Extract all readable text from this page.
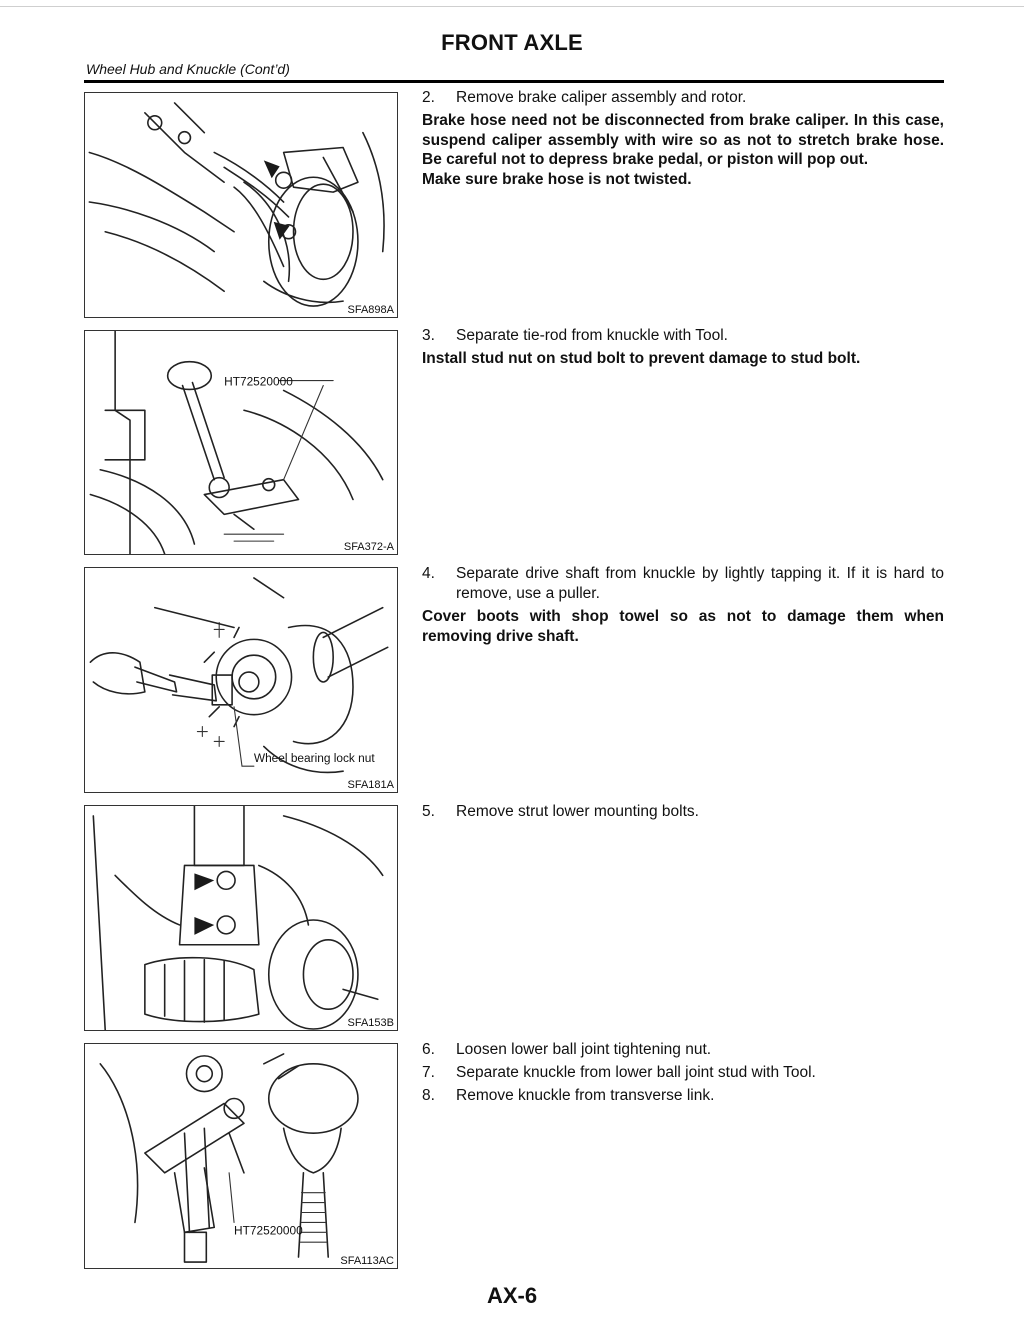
FRONT AXLE
Wheel Hub and Knuckle (Cont’d)
SFA898A
HT72520000
SFA372-A
Wheel bearing lock nut
SFA181A
SFA153B
HT72520000
SFA113AC
2.	Remove brake caliper assembly and rotor.
Brake hose need not be disconnected from brake caliper. In this case, suspend caliper assembly with wire so as not to stretch brake hose. Be careful not to depress brake pedal, or piston will pop out.
Make sure brake hose is not twisted.
3.	Separate tie-rod from knuckle with Tool.
Install stud nut on stud bolt to prevent damage to stud bolt.
4.	Separate drive shaft from knuckle by lightly tapping it. If it is hard to remove, use a puller.
Cover boots with shop towel so as not to damage them when removing drive shaft.
5.	Remove strut lower mounting bolts.
6.	Loosen lower ball joint tightening nut.
7.	Separate knuckle from lower ball joint stud with Tool.
8.	Remove knuckle from transverse link.
AX-6
